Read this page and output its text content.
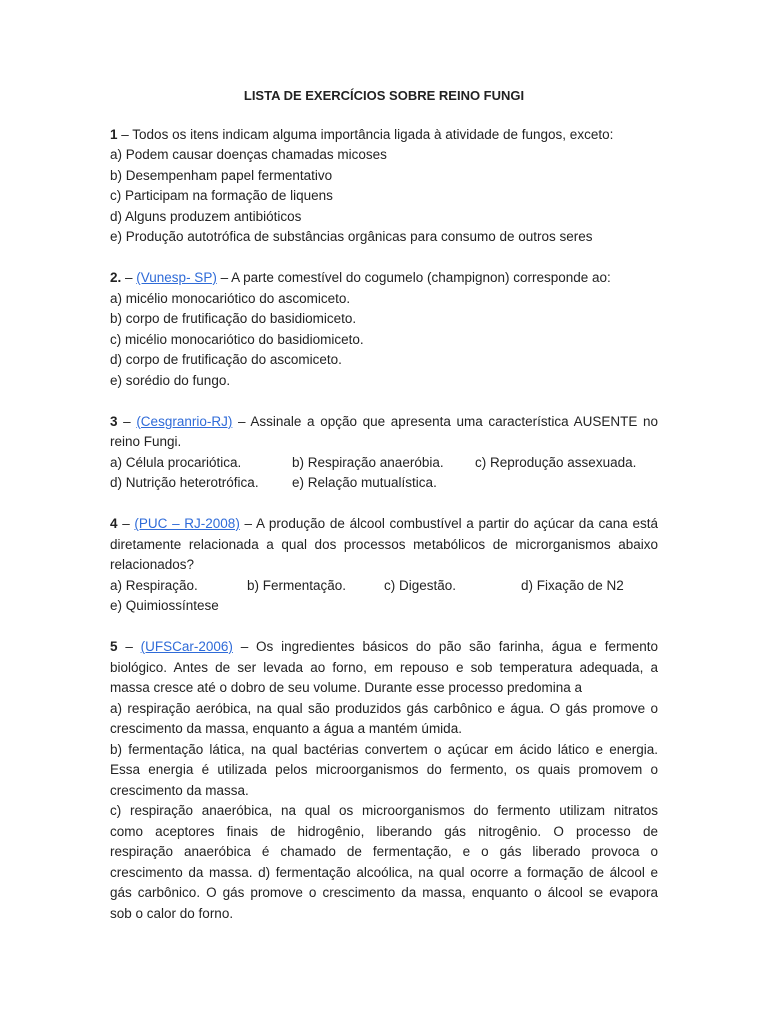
LISTA DE EXERCÍCIOS SOBRE REINO FUNGI
1 – Todos os itens indicam alguma importância ligada à atividade de fungos, exceto:
a) Podem causar doenças chamadas micoses
b) Desempenham papel fermentativo
c) Participam na formação de liquens
d) Alguns produzem antibióticos
e) Produção autotrófica de substâncias orgânicas para consumo de outros seres
2. – (Vunesp- SP) – A parte comestível do cogumelo (champignon) corresponde ao:
a) micélio monocariótico do ascomiceto.
b) corpo de frutificação do basidiomiceto.
c) micélio monocariótico do basidiomiceto.
d) corpo de frutificação do ascomiceto.
e) sorédio do fungo.
3 – (Cesgranrio-RJ) – Assinale a opção que apresenta uma característica AUSENTE no
reino Fungi.
a) Célula procariótica.	b) Respiração anaeróbia.	c) Reprodução assexuada.
d) Nutrição heterotrófica.	e) Relação mutualística.
4 – (PUC – RJ-2008) – A produção de álcool combustível a partir do açúcar da cana está
diretamente relacionada a qual dos processos metabólicos de microrganismos abaixo
relacionados?
a) Respiração.	b) Fermentação.	c) Digestão.	d) Fixação de N2
e) Quimiossíntese
5 – (UFSCar-2006) – Os ingredientes básicos do pão são farinha, água e fermento
biológico. Antes de ser levada ao forno, em repouso e sob temperatura adequada, a
massa cresce até o dobro de seu volume. Durante esse processo predomina a
a) respiração aeróbica, na qual são produzidos gás carbônico e água. O gás promove o
crescimento da massa, enquanto a água a mantém úmida.
b) fermentação lática, na qual bactérias convertem o açúcar em ácido lático e energia.
Essa energia é utilizada pelos microorganismos do fermento, os quais promovem o
crescimento da massa.
c) respiração anaeróbica, na qual os microorganismos do fermento utilizam nitratos
como aceptores finais de hidrogênio, liberando gás nitrogênio. O processo de
respiração anaeróbica é chamado de fermentação, e o gás liberado provoca o
crescimento da massa. d) fermentação alcoólica, na qual ocorre a formação de álcool e
gás carbônico. O gás promove o crescimento da massa, enquanto o álcool se evapora
sob o calor do forno.
